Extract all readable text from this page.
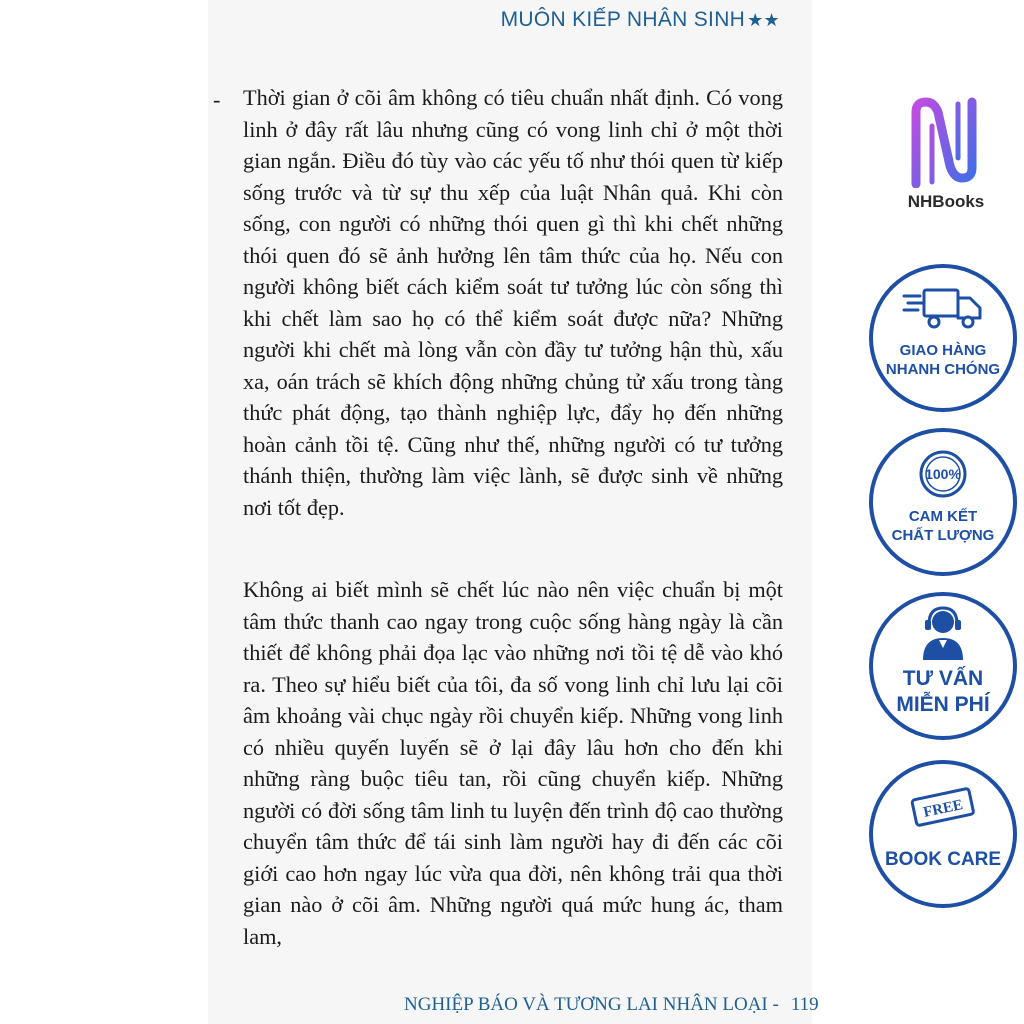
MUÔN KIẾP NHÂN SINH ★★
- Thời gian ở cõi âm không có tiêu chuẩn nhất định. Có vong linh ở đây rất lâu nhưng cũng có vong linh chỉ ở một thời gian ngắn. Điều đó tùy vào các yếu tố như thói quen từ kiếp sống trước và từ sự thu xếp của luật Nhân quả. Khi còn sống, con người có những thói quen gì thì khi chết những thói quen đó sẽ ảnh hưởng lên tâm thức của họ. Nếu con người không biết cách kiểm soát tư tưởng lúc còn sống thì khi chết làm sao họ có thể kiểm soát được nữa? Những người khi chết mà lòng vẫn còn đầy tư tưởng hận thù, xấu xa, oán trách sẽ khích động những chủng tử xấu trong tàng thức phát động, tạo thành nghiệp lực, đẩy họ đến những hoàn cảnh tồi tệ. Cũng như thế, những người có tư tưởng thánh thiện, thường làm việc lành, sẽ được sinh về những nơi tốt đẹp.

Không ai biết mình sẽ chết lúc nào nên việc chuẩn bị một tâm thức thanh cao ngay trong cuộc sống hàng ngày là cần thiết để không phải đọa lạc vào những nơi tồi tệ dễ vào khó ra. Theo sự hiểu biết của tôi, đa số vong linh chỉ lưu lại cõi âm khoảng vài chục ngày rồi chuyển kiếp. Những vong linh có nhiều quyến luyến sẽ ở lại đây lâu hơn cho đến khi những ràng buộc tiêu tan, rồi cũng chuyển kiếp. Những người có đời sống tâm linh tu luyện đến trình độ cao thường chuyển tâm thức để tái sinh làm người hay đi đến các cõi giới cao hơn ngay lúc vừa qua đời, nên không trải qua thời gian nào ở cõi âm. Những người quá mức hung ác, tham lam,

NGHIỆP BÁO VÀ TƯƠNG LAI NHÂN LOẠI - 119
NHBooks
GIAO HÀNG
NHANH CHÓNG
100%
CAM KẾT
CHẤT LƯỢNG
TƯ VẤN
MIỄN PHÍ
FREE
BOOK CARE
